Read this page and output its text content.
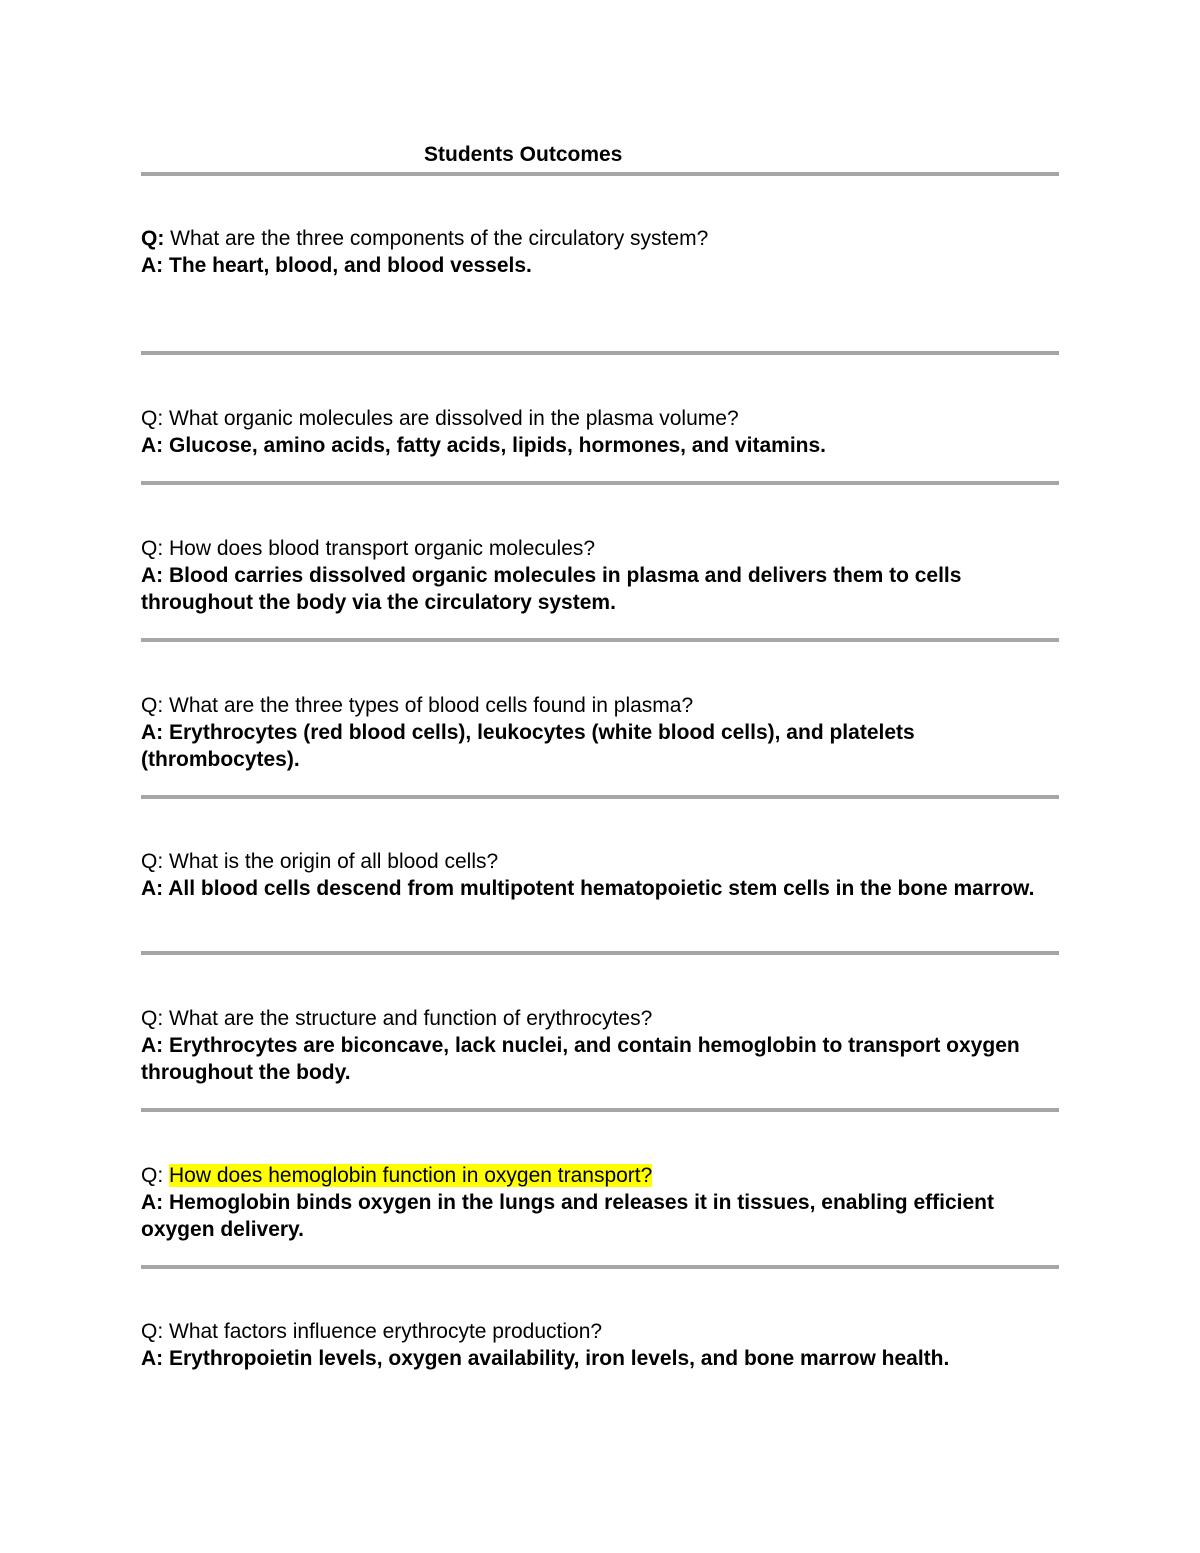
Students Outcomes
Q: What are the three components of the circulatory system?
A: The heart, blood, and blood vessels.
Q: What organic molecules are dissolved in the plasma volume?
A: Glucose, amino acids, fatty acids, lipids, hormones, and vitamins.
Q: How does blood transport organic molecules?
A: Blood carries dissolved organic molecules in plasma and delivers them to cells throughout the body via the circulatory system.
Q: What are the three types of blood cells found in plasma?
A: Erythrocytes (red blood cells), leukocytes (white blood cells), and platelets (thrombocytes).
Q: What is the origin of all blood cells?
A: All blood cells descend from multipotent hematopoietic stem cells in the bone marrow.
Q: What are the structure and function of erythrocytes?
A: Erythrocytes are biconcave, lack nuclei, and contain hemoglobin to transport oxygen throughout the body.
Q: How does hemoglobin function in oxygen transport?
A: Hemoglobin binds oxygen in the lungs and releases it in tissues, enabling efficient oxygen delivery.
Q: What factors influence erythrocyte production?
A: Erythropoietin levels, oxygen availability, iron levels, and bone marrow health.
